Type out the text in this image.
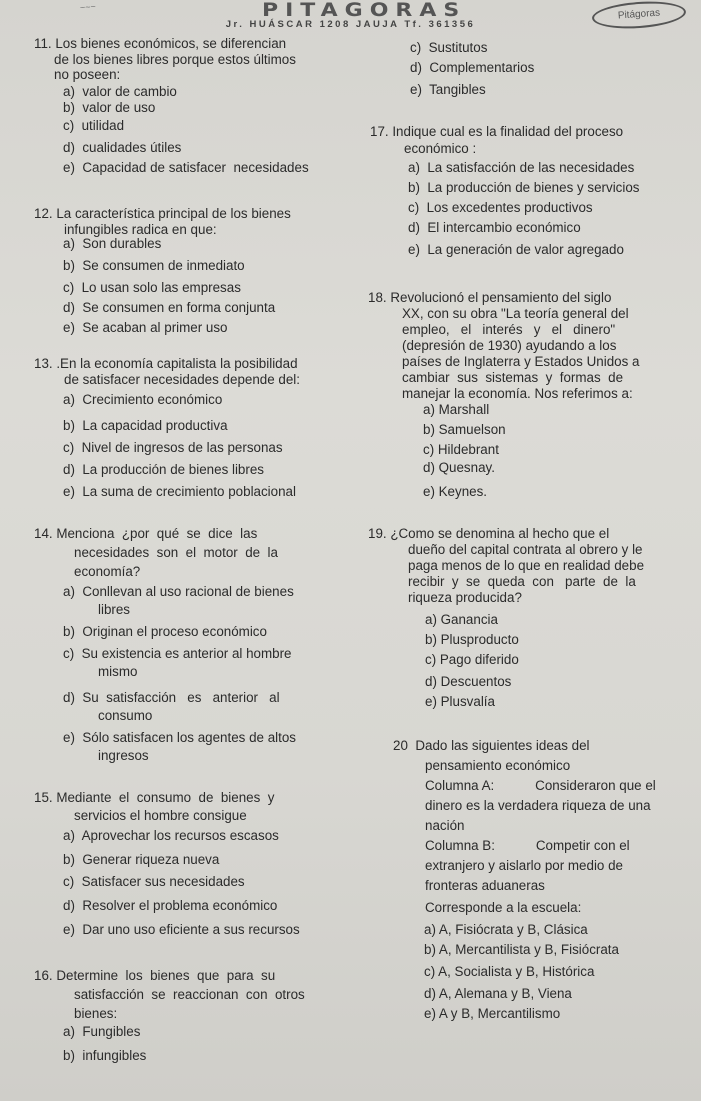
~~~	PITAGORAS	Pitágoras
Jr. HUÁSCAR 1208 JAUJA Tf. 361356
11. Los bienes económicos, se diferencian
de los bienes libres porque estos últimos
no poseen:
a)  valor de cambio
b)  valor de uso
c)  utilidad
d)  cualidades útiles
e)  Capacidad de satisfacer  necesidades
c)  Sustitutos
d)  Complementarios
e)  Tangibles
17. Indique cual es la finalidad del proceso
económico :
a)  La satisfacción de las necesidades
b)  La producción de bienes y servicios
c)  Los excedentes productivos
d)  El intercambio económico
e)  La generación de valor agregado
12. La característica principal de los bienes
infungibles radica en que:
a)  Son durables
b)  Se consumen de inmediato
c)  Lo usan solo las empresas
d)  Se consumen en forma conjunta
e)  Se acaban al primer uso
18. Revolucionó el pensamiento del siglo
XX, con su obra "La teoría general del
empleo,   el   interés   y   el   dinero"
(depresión de 1930) ayudando a los
países de Inglaterra y Estados Unidos a
cambiar  sus  sistemas  y  formas  de
manejar la economía. Nos referimos a:
a) Marshall
b) Samuelson
c) Hildebrant
d) Quesnay.
e) Keynes.
13. .En la economía capitalista la posibilidad
de satisfacer necesidades depende del:
a)  Crecimiento económico
b)  La capacidad productiva
c)  Nivel de ingresos de las personas
d)  La producción de bienes libres
e)  La suma de crecimiento poblacional
14. Menciona  ¿por  qué  se  dice  las
necesidades  son  el  motor  de  la
economía?
a)  Conllevan al uso racional de bienes
libres
b)  Originan el proceso económico
c)  Su existencia es anterior al hombre
mismo
d)  Su  satisfacción   es   anterior   al
consumo
e)  Sólo satisfacen los agentes de altos
ingresos
19. ¿Como se denomina al hecho que el
dueño del capital contrata al obrero y le
paga menos de lo que en realidad debe
recibir  y  se  queda  con   parte  de  la
riqueza producida?
a) Ganancia
b) Plusproducto
c) Pago diferido
d) Descuentos
e) Plusvalía
20  Dado las siguientes ideas del
pensamiento económico
Columna A:           Consideraron que el
dinero es la verdadera riqueza de una
nación
Columna B:           Competir con el
extranjero y aislarlo por medio de
fronteras aduaneras
Corresponde a la escuela:
a) A, Fisiócrata y B, Clásica
b) A, Mercantilista y B, Fisiócrata
c) A, Socialista y B, Histórica
d) A, Alemana y B, Viena
e) A y B, Mercantilismo
15. Mediante  el  consumo  de  bienes  y
servicios el hombre consigue
a)  Aprovechar los recursos escasos
b)  Generar riqueza nueva
c)  Satisfacer sus necesidades
d)  Resolver el problema económico
e)  Dar uno uso eficiente a sus recursos
16. Determine  los  bienes  que  para  su
satisfacción  se  reaccionan  con  otros
bienes:
a)  Fungibles
b)  infungibles
